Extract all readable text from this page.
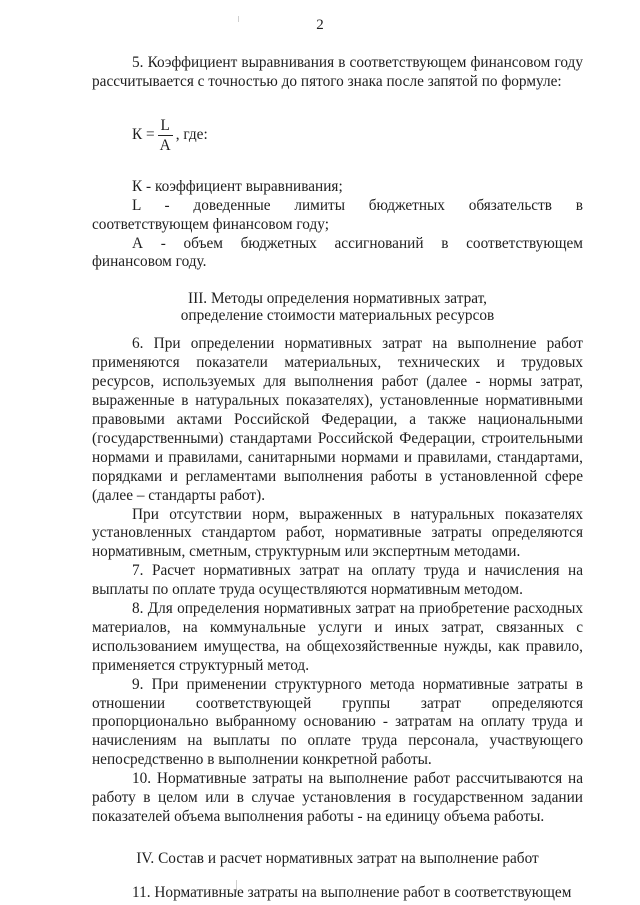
2

5. Коэффициент выравнивания в соответствующем финансовом году рассчитывается с точностью до пятого знака после запятой по формуле:

$К = \frac{L}{А}$ , где:

К - коэффициент выравнивания;

L - доведенные лимиты бюджетных обязательств в соответствующем финансовом году;

А - объем бюджетных ассигнований в соответствующем финансовом году.

III. Методы определения нормативных затрат,
определение стоимости материальных ресурсов

6. При определении нормативных затрат на выполнение работ применяются показатели материальных, технических и трудовых ресурсов, используемых для выполнения работ (далее - нормы затрат, выраженные в натуральных показателях), установленные нормативными правовыми актами Российской Федерации, а также национальными (государственными) стандартами Российской Федерации, строительными нормами и правилами, санитарными нормами и правилами, стандартами, порядками и регламентами выполнения работы в установленной сфере (далее – стандарты работ).

При отсутствии норм, выраженных в натуральных показателях установленных стандартом работ, нормативные затраты определяются нормативным, сметным, структурным или экспертным методами.

7. Расчет нормативных затрат на оплату труда и начисления на выплаты по оплате труда осуществляются нормативным методом.

8. Для определения нормативных затрат на приобретение расходных материалов, на коммунальные услуги и иных затрат, связанных с использованием имущества, на общехозяйственные нужды, как правило, применяется структурный метод.

9. При применении структурного метода нормативные затраты в отношении соответствующей группы затрат определяются пропорционально выбранному основанию - затратам на оплату труда и начислениям на выплаты по оплате труда персонала, участвующего непосредственно в выполнении конкретной работы.

10. Нормативные затраты на выполнение работ рассчитываются на работу в целом или в случае установления в государственном задании показателей объема выполнения работы - на единицу объема работы.

IV. Состав и расчет нормативных затрат на выполнение работ

11. Нормативные затраты на выполнение работ в соответствующем
